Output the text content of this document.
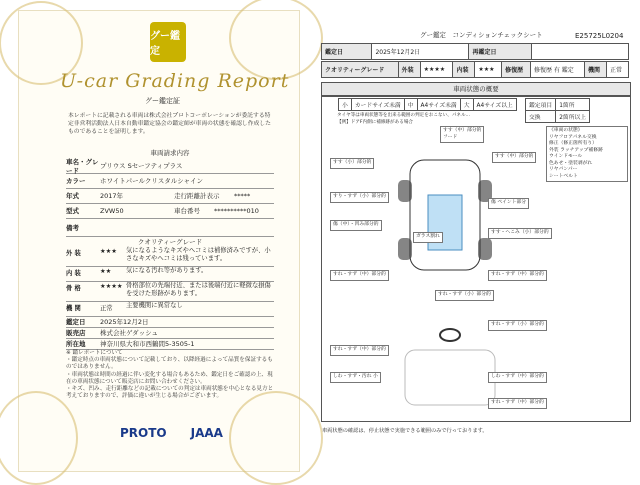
グー鑑定
U-car Grading Report
グー鑑定証
本レポートに記載される車両は株式会社プロトコーポレーションが委託する特定非営利活動法人日本自動車鑑定協会の鑑定師が車両の状態を確認し作成したものであることを証明します。
車両請求内容
車名・グレード
プリウス Sセーフティプラス
カラー	ホワイトパールクリスタルシャイン
年式	2017年	走行距離計表示	*****
型式	ZVW50	車台番号	**********010
備考
クオリティーグレード
外 装	★★★	気になるようなキズやへコミは補修済みですが、小さなキズやへコミは残っています。
内 装	★★	気になる汚れ等があります。
骨 格	★★★★ 骨格部位の先端付近、または後端付近に軽微な損傷を受けた形跡があります。
機 関	正常	主要機関に異常なし
鑑定日	2025年12月2日
販売店	株式会社ゲダッシュ
所在地	神奈川県大和市西鶴間5-3505-1
※ 鑑レポートについて
・鑑定時点の車両状態について記載しており、以降経過によって品質を保証するものではありません。
・車両状態は時間の経過に伴い変化する場合もあるため、鑑定日をご確認の上、現在の車両状態について販売店にお問い合わせください。
・キズ、凹み、走行距離などの記載についての判定は車両状態を中心となる見方と考えておりますので、評価に違いが生じる場合がございます。
PROTO JAAA
グー鑑定　コンディションチェックシート	E25725L0204
鑑定日	2025年12月2日	再鑑定日	
クオリティーグレード	外装	★★★★	内装	★★★	修復歴	修復歴 有 鑑定	機関	正常
車両状態の概要
小	カードサイズ未満	中	A4サイズ未満	大	A4サイズ以上	鑑定項目	1箇所
交換	2箇所以上
タイヤ等は車両状態等を出来る範囲の判定をおこない、パネル...
【例】ドアF内側に補修跡がある場合
すす（中）部分的
フード
すす（小）部分的
すす（中）部分的
すり・すず（小）部分的
傷 ペイント部分
傷（中）・凹み部分的
すす・へこみ（小）部分的
ガラス割れ
すれ・すず（中）部分的	すれ・すず（中）部分的
すれ・すず（小）部分的
すれ・すず（小）部分的
すれ・すず（中）部分的
しわ・すず・汚れ 小	しわ・すず（中）部分的
すれ・すず（中）部分的
《車両の状態》
リヤフロアパネル交換
修正（修正箇所有り）
外装 ラッチアップ補修跡
ウインドモール
色あせ・塗装剥がれ
リヤバンパー
シートベルト
車両状態の確認は、停止状態で実施できる範囲のみで行っております。
